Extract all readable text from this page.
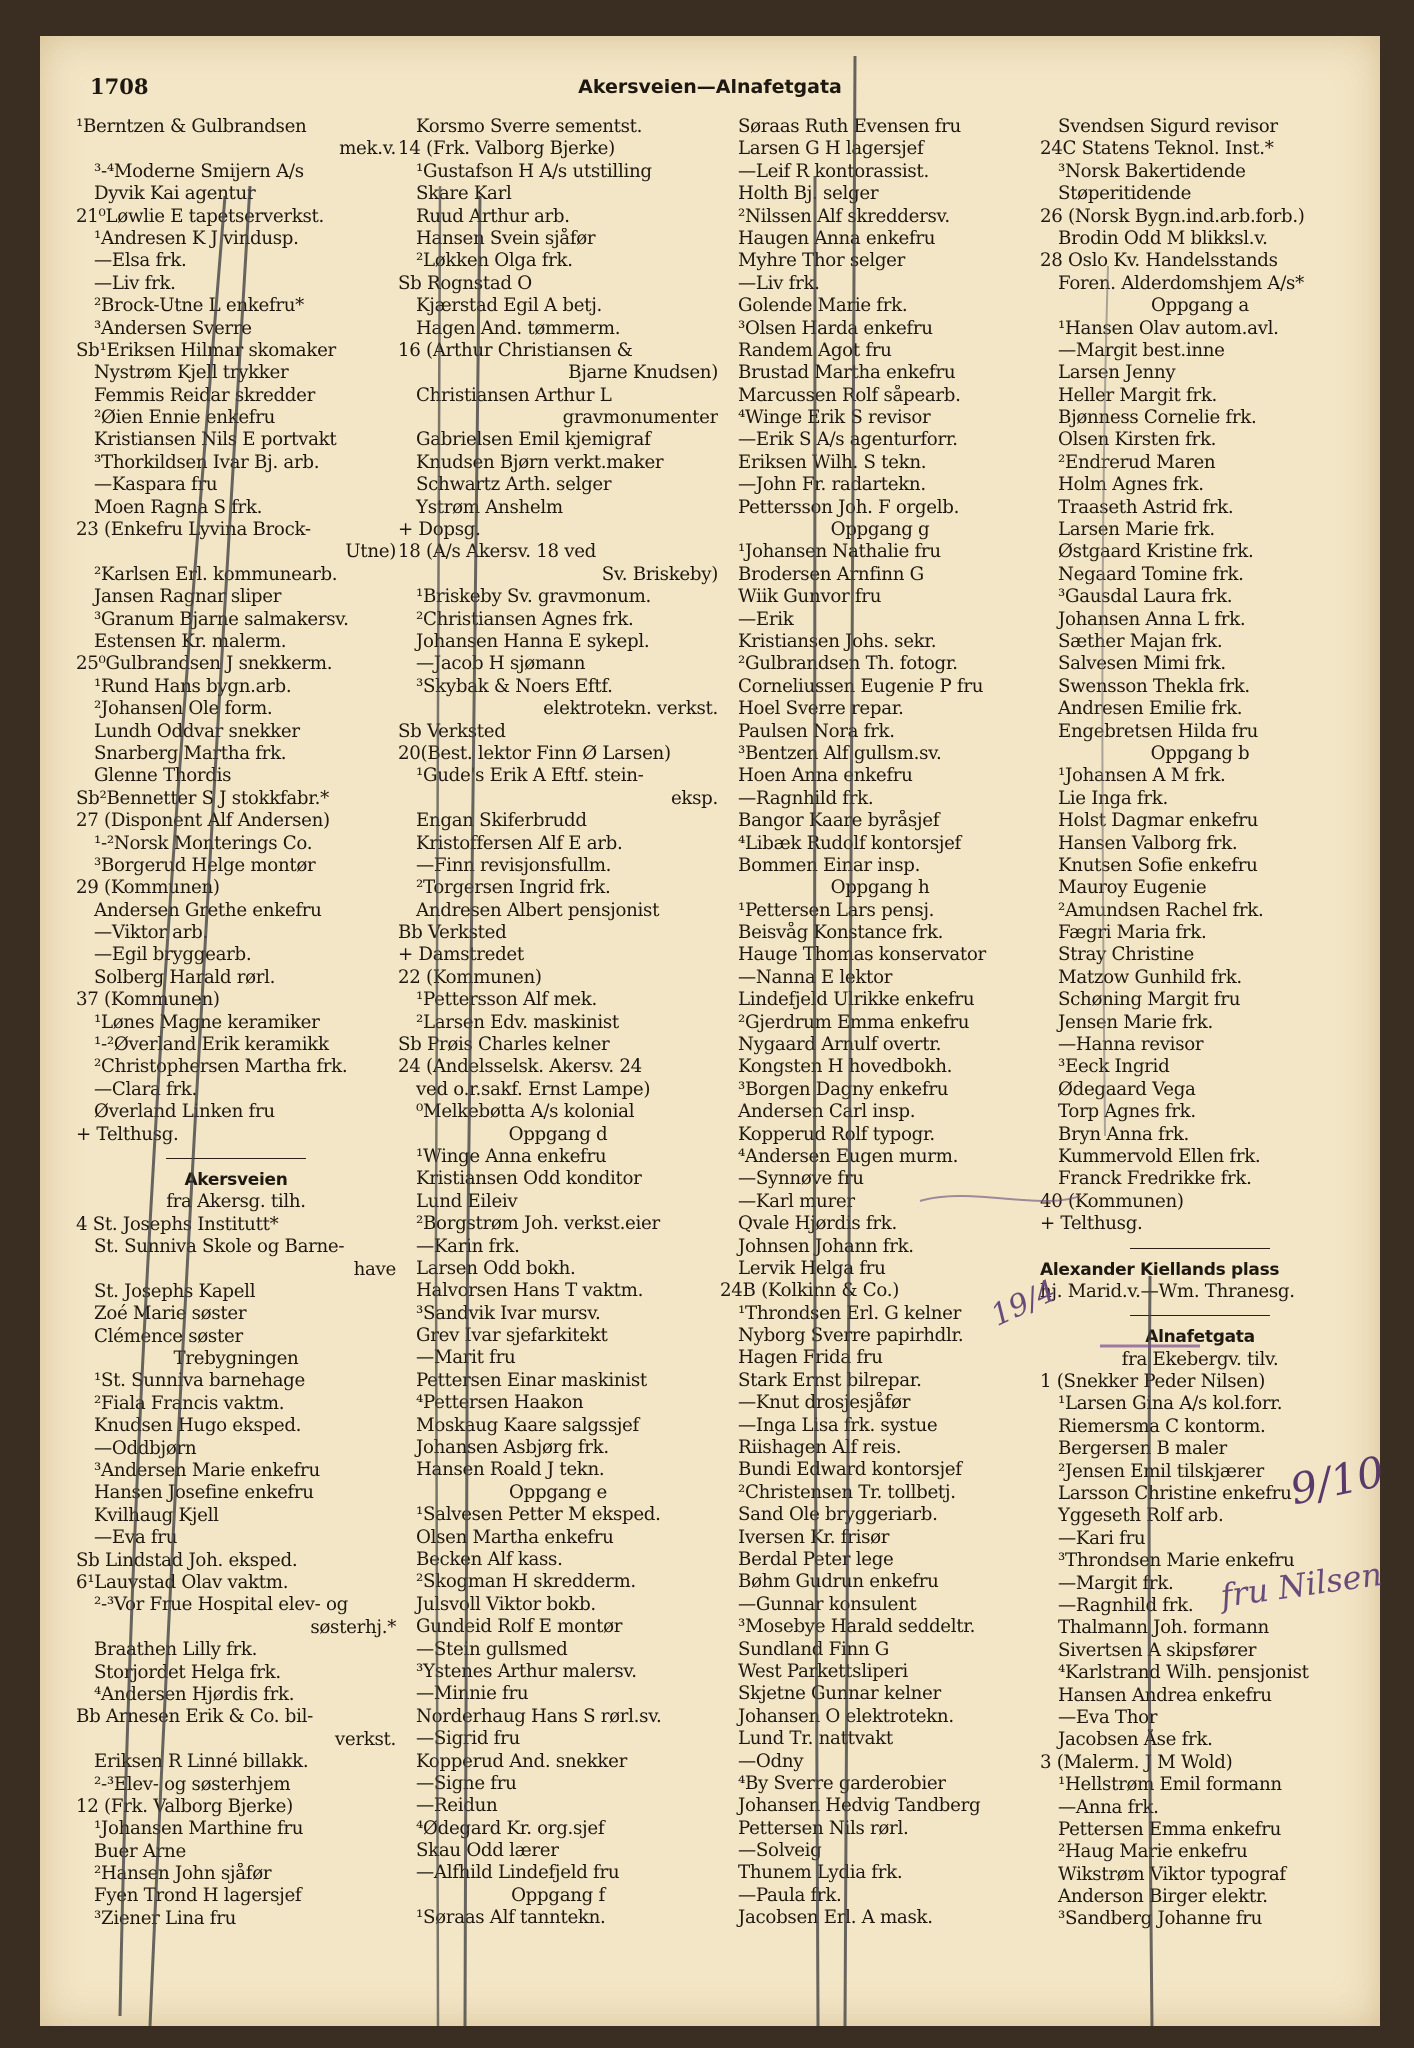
1708	Akersveien—Alnafetgata
¹Berntzen & Gulbrandsen
mek.v.
³-⁴Moderne Smijern A/s
Dyvik Kai agentur
21⁰Løwlie E tapetserverkst.
¹Andresen K J vindusp.
—Elsa frk.
—Liv frk.
²Brock-Utne L enkefru*
³Andersen Sverre
Sb¹Eriksen Hilmar skomaker
Nystrøm Kjell trykker
Femmis Reidar skredder
²Øien Ennie enkefru
Kristiansen Nils E portvakt
³Thorkildsen Ivar Bj. arb.
—Kaspara fru
Moen Ragna S frk.
23 (Enkefru Lyvina Brock-
Utne)
²Karlsen Erl. kommunearb.
Jansen Ragnar sliper
³Granum Bjarne salmakersv.
Estensen Kr. malerm.
25⁰Gulbrandsen J snekkerm.
¹Rund Hans bygn.arb.
²Johansen Ole form.
Lundh Oddvar snekker
Snarberg Martha frk.
Glenne Thordis
Sb²Bennetter S J stokkfabr.*
27 (Disponent Alf Andersen)
¹-²Norsk Monterings Co.
³Borgerud Helge montør
29 (Kommunen)
Andersen Grethe enkefru
—Viktor arb.
—Egil bryggearb.
Solberg Harald rørl.
37 (Kommunen)
¹Lønes Magne keramiker
¹-²Øverland Erik keramikk
²Christophersen Martha frk.
—Clara frk.
Øverland Linken fru
+ Telthusg.
Akersveien
fra Akersg. tilh.
4 St. Josephs Institutt*
St. Sunniva Skole og Barne-
have
St. Josephs Kapell
Zoé Marie søster
Clémence søster
Trebygningen
¹St. Sunniva barnehage
²Fiala Francis vaktm.
Knudsen Hugo eksped.
—Oddbjørn
³Andersen Marie enkefru
Hansen Josefine enkefru
Kvilhaug Kjell
—Eva fru
Sb Lindstad Joh. eksped.
6¹Lauvstad Olav vaktm.
²-³Vor Frue Hospital elev- og
søsterhj.*
Braathen Lilly frk.
Storjordet Helga frk.
⁴Andersen Hjørdis frk.
Bb Arnesen Erik & Co. bil-
verkst.
Eriksen R Linné billakk.
²-³Elev- og søsterhjem
12 (Frk. Valborg Bjerke)
¹Johansen Marthine fru
Buer Arne
²Hansen John sjåfør
Fyen Trond H lagersjef
³Ziener Lina fru
Korsmo Sverre sementst.
14 (Frk. Valborg Bjerke)
¹Gustafson H A/s utstilling
Skare Karl
Ruud Arthur arb.
Hansen Svein sjåfør
²Løkken Olga frk.
Sb Rognstad O
Kjærstad Egil A betj.
Hagen And. tømmerm.
16 (Arthur Christiansen &
Bjarne Knudsen)
Christiansen Arthur L
gravmonumenter
Gabrielsen Emil kjemigraf
Knudsen Bjørn verkt.maker
Schwartz Arth. selger
Ystrøm Anshelm
+ Dopsg.
18 (A/s Akersv. 18 ved
Sv. Briskeby)
¹Briskeby Sv. gravmonum.
²Christiansen Agnes frk.
Johansen Hanna E sykepl.
—Jacob H sjømann
³Skybak & Noers Eftf.
elektrotekn. verkst.
Sb Verksted
20(Best. lektor Finn Ø Larsen)
¹Gude's Erik A Eftf. stein-
eksp.
Engan Skiferbrudd
Kristoffersen Alf E arb.
—Finn revisjonsfullm.
²Torgersen Ingrid frk.
Andresen Albert pensjonist
Bb Verksted
+ Damstredet
22 (Kommunen)
¹Pettersson Alf mek.
²Larsen Edv. maskinist
Sb Prøis Charles kelner
24 (Andelsselsk. Akersv. 24
ved o.r.sakf. Ernst Lampe)
⁰Melkebøtta A/s kolonial
Oppgang d
¹Winge Anna enkefru
Kristiansen Odd konditor
Lund Eileiv
²Borgstrøm Joh. verkst.eier
—Karin frk.
Larsen Odd bokh.
Halvorsen Hans T vaktm.
³Sandvik Ivar mursv.
Grev Ivar sjefarkitekt
—Marit fru
Pettersen Einar maskinist
⁴Pettersen Haakon
Moskaug Kaare salgssjef
Johansen Asbjørg frk.
Hansen Roald J tekn.
Oppgang e
¹Salvesen Petter M eksped.
Olsen Martha enkefru
Becken Alf kass.
²Skogman H skredderm.
Julsvoll Viktor bokb.
Gundeid Rolf E montør
—Stein gullsmed
³Ystenes Arthur malersv.
—Minnie fru
Norderhaug Hans S rørl.sv.
—Sigrid fru
Kopperud And. snekker
—Signe fru
—Reidun
⁴Ødegard Kr. org.sjef
Skau Odd lærer
—Alfhild Lindefjeld fru
Oppgang f
¹Søraas Alf tanntekn.
Søraas Ruth Evensen fru
Larsen G H lagersjef
—Leif R kontorassist.
Holth Bj. selger
²Nilssen Alf skreddersv.
Haugen Anna enkefru
Myhre Thor selger
—Liv frk.
Golende Marie frk.
³Olsen Harda enkefru
Randem Agot fru
Brustad Martha enkefru
Marcussen Rolf såpearb.
⁴Winge Erik S revisor
—Erik S A/s agenturforr.
Eriksen Wilh. S tekn.
—John Fr. radartekn.
Pettersson Joh. F orgelb.
Oppgang g
¹Johansen Nathalie fru
Brodersen Arnfinn G
Wiik Gunvor fru
—Erik
Kristiansen Johs. sekr.
²Gulbrandsen Th. fotogr.
Corneliussen Eugenie P fru
Hoel Sverre repar.
Paulsen Nora frk.
³Bentzen Alf gullsm.sv.
Hoen Anna enkefru
—Ragnhild frk.
Bangor Kaare byråsjef
⁴Libæk Rudolf kontorsjef
Bommen Einar insp.
Oppgang h
¹Pettersen Lars pensj.
Beisvåg Konstance frk.
Hauge Thomas konservator
—Nanna E lektor
Lindefjeld Ulrikke enkefru
²Gjerdrum Emma enkefru
Nygaard Arnulf overtr.
Kongsten H hovedbokh.
³Borgen Dagny enkefru
Andersen Carl insp.
Kopperud Rolf typogr.
⁴Andersen Eugen murm.
—Synnøve fru
—Karl murer
Qvale Hjørdis frk.
Johnsen Johann frk.
Lervik Helga fru
24B (Kolkinn & Co.)
¹Throndsen Erl. G kelner
Nyborg Sverre papirhdlr.
Hagen Frida fru
Stark Ernst bilrepar.
—Knut drosjesjåfør
—Inga Lisa frk. systue
Riishagen Alf reis.
Bundi Edward kontorsjef
²Christensen Tr. tollbetj.
Sand Ole bryggeriarb.
Iversen Kr. frisør
Berdal Peter lege
Bøhm Gudrun enkefru
—Gunnar konsulent
³Mosebye Harald seddeltr.
Sundland Finn G
West Parkettsliperi
Skjetne Gunnar kelner
Johansen O elektrotekn.
Lund Tr. nattvakt
—Odny
⁴By Sverre garderobier
Johansen Hedvig Tandberg
Pettersen Nils rørl.
—Solveig
Thunem Lydia frk.
—Paula frk.
Jacobsen Erl. A mask.
Svendsen Sigurd revisor
24C Statens Teknol. Inst.*
³Norsk Bakertidende
Støperitidende
26 (Norsk Bygn.ind.arb.forb.)
Brodin Odd M blikksl.v.
28 Oslo Kv. Handelsstands
Foren. Alderdomshjem A/s*
Oppgang a
¹Hansen Olav autom.avl.
—Margit best.inne
Larsen Jenny
Heller Margit frk.
Bjønness Cornelie frk.
Olsen Kirsten frk.
²Endrerud Maren
Holm Agnes frk.
Traaseth Astrid frk.
Larsen Marie frk.
Østgaard Kristine frk.
Negaard Tomine frk.
³Gausdal Laura frk.
Johansen Anna L frk.
Sæther Majan frk.
Salvesen Mimi frk.
Swensson Thekla frk.
Andresen Emilie frk.
Engebretsen Hilda fru
Oppgang b
¹Johansen A M frk.
Lie Inga frk.
Holst Dagmar enkefru
Hansen Valborg frk.
Knutsen Sofie enkefru
Mauroy Eugenie
²Amundsen Rachel frk.
Fægri Maria frk.
Stray Christine
Matzow Gunhild frk.
Schøning Margit fru
Jensen Marie frk.
—Hanna revisor
³Eeck Ingrid
Ødegaard Vega
Torp Agnes frk.
Bryn Anna frk.
Kummervold Ellen frk.
Franck Fredrikke frk.
40 (Kommunen)
+ Telthusg.
Alexander Kiellands plass
hj. Marid.v.—Wm. Thranesg.
Alnafetgata
fra Ekebergv. tilv.
1 (Snekker Peder Nilsen)
¹Larsen Gina A/s kol.forr.
Riemersma C kontorm.
Bergersen B maler
²Jensen Emil tilskjærer
Larsson Christine enkefru
Yggeseth Rolf arb.
—Kari fru
³Throndsen Marie enkefru
—Margit frk.
—Ragnhild frk.
Thalmann Joh. formann
Sivertsen A skipsfører
⁴Karlstrand Wilh. pensjonist
Hansen Andrea enkefru
—Eva Thor
Jacobsen Åse frk.
3 (Malerm. J M Wold)
¹Hellstrøm Emil formann
—Anna frk.
Pettersen Emma enkefru
²Haug Marie enkefru
Wikstrøm Viktor typograf
Anderson Birger elektr.
³Sandberg Johanne fru
19/4
9/10
fru Nilsen
